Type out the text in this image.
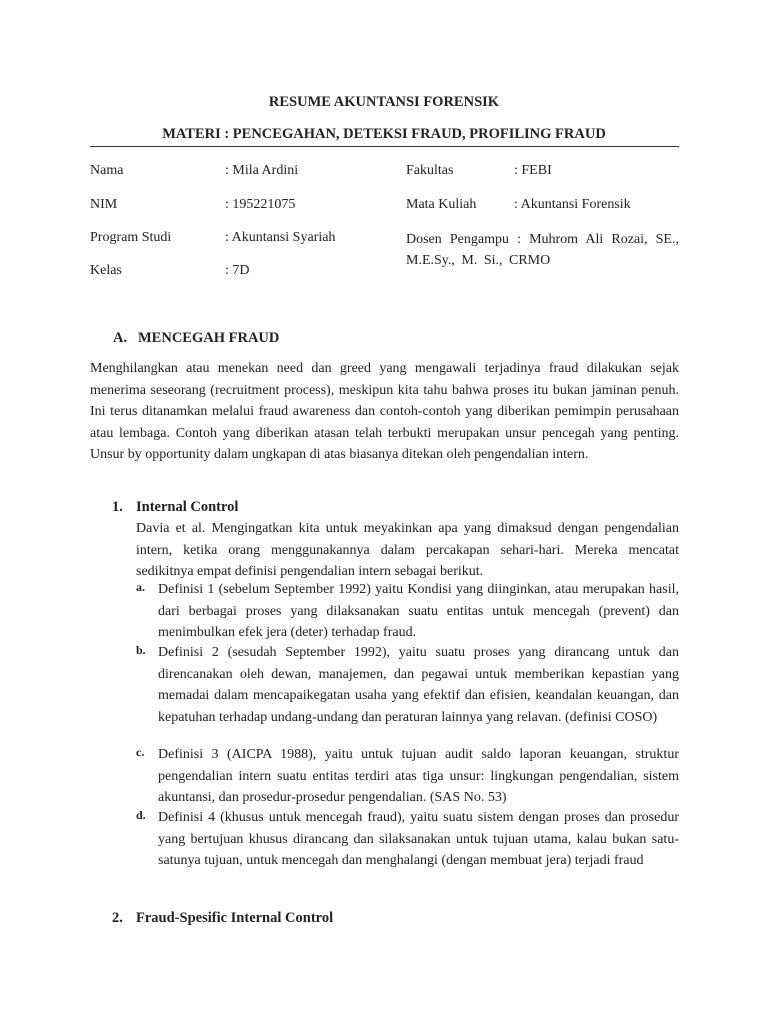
RESUME AKUNTANSI FORENSIK
MATERI : PENCEGAHAN, DETEKSI FRAUD, PROFILING FRAUD
Nama	: Mila Ardini
NIM	: 195221075
Program Studi	: Akuntansi Syariah
Kelas	: 7D
Fakultas	: FEBI
Mata Kuliah	: Akuntansi Forensik
Dosen Pengampu : Muhrom Ali Rozai, SE., M.E.Sy., M. Si., CRMO
A. MENCEGAH FRAUD

Menghilangkan atau menekan need dan greed yang mengawali terjadinya fraud dilakukan sejak menerima seseorang (recruitment process), meskipun kita tahu bahwa proses itu bukan jaminan penuh. Ini terus ditanamkan melalui fraud awareness dan contoh-contoh yang diberikan pemimpin perusahaan atau lembaga. Contoh yang diberikan atasan telah terbukti merupakan unsur pencegah yang penting. Unsur by opportunity dalam ungkapan di atas biasanya ditekan oleh pengendalian intern.

1. Internal Control

Davia et al. Mengingatkan kita untuk meyakinkan apa yang dimaksud dengan pengendalian intern, ketika orang menggunakannya dalam percakapan sehari-hari. Mereka mencatat sedikitnya empat definisi pengendalian intern sebagai berikut.

a. Definisi 1 (sebelum September 1992) yaitu Kondisi yang diinginkan, atau merupakan hasil, dari berbagai proses yang dilaksanakan suatu entitas untuk mencegah (prevent) dan menimbulkan efek jera (deter) terhadap fraud.

b. Definisi 2 (sesudah September 1992), yaitu suatu proses yang dirancang untuk dan direncanakan oleh dewan, manajemen, dan pegawai untuk memberikan kepastian yang memadai dalam mencapaikegatan usaha yang efektif dan efisien, keandalan keuangan, dan kepatuhan terhadap undang-undang dan peraturan lainnya yang relavan. (definisi COSO)

c. Definisi 3 (AICPA 1988), yaitu untuk tujuan audit saldo laporan keuangan, struktur pengendalian intern suatu entitas terdiri atas tiga unsur: lingkungan pengendalian, sistem akuntansi, dan prosedur-prosedur pengendalian. (SAS No. 53)

d. Definisi 4 (khusus untuk mencegah fraud), yaitu suatu sistem dengan proses dan prosedur yang bertujuan khusus dirancang dan silaksanakan untuk tujuan utama, kalau bukan satu-satunya tujuan, untuk mencegah dan menghalangi (dengan membuat jera) terjadi fraud

2. Fraud-Spesific Internal Control
